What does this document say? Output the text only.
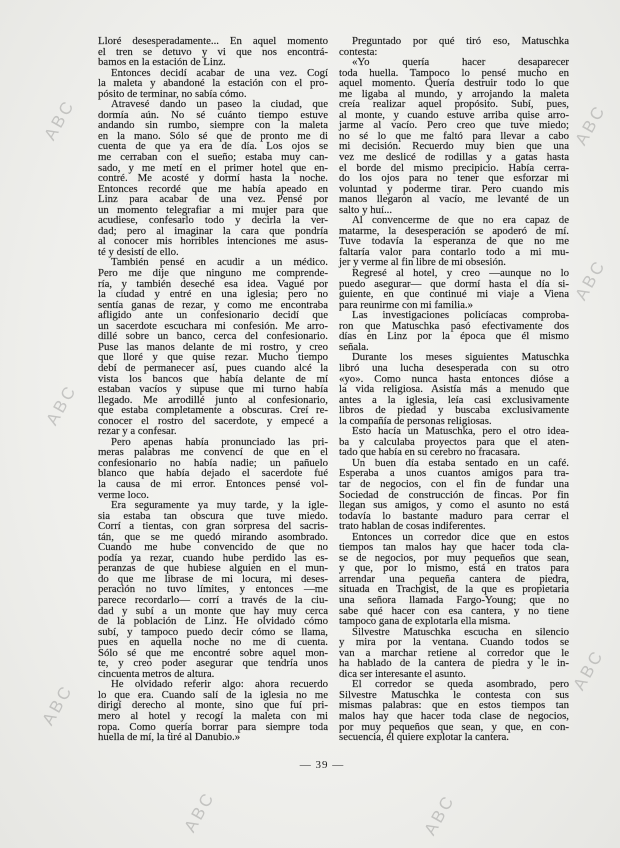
ABC
ABC
ABC
ABC
ABC
ABC
ABC	ABC
Lloré desesperadamente... En aquel momento
el tren se detuvo y vi que nos encontrá-
bamos en la estación de Linz.
Entonces decidí acabar de una vez. Cogí
la maleta y abandoné la estación con el pro-
pósito de terminar, no sabía cómo.
Atravesé dando un paseo la ciudad, que
dormía aún. No sé cuánto tiempo estuve
andando sin rumbo, siempre con la maleta
en la mano. Sólo sé que de pronto me di
cuenta de que ya era de día. Los ojos se
me cerraban con el sueño; estaba muy can-
sado, y me metí en el primer hotel que en-
contré. Me acosté y dormí hasta la noche.
Entonces recordé que me había apeado en
Linz para acabar de una vez. Pensé por
un momento telegrafiar a mi mujer para que
acudiese, confesarlo todo y decirla la ver-
dad; pero al imaginar la cara que pondría
al conocer mis horribles intenciones me asus-
té y desistí de ello.
También pensé en acudir a un médico.
Pero me dije que ninguno me comprende-
ría, y también deseché esa idea. Vagué por
la ciudad y entré en una iglesia; pero no
sentía ganas de rezar, y como me encontraba
afligido ante un confesionario decidí que
un sacerdote escuchara mi confesión. Me arro-
dillé sobre un banco, cerca del confesionario.
Puse las manos delante de mi rostro, y creo
que lloré y que quise rezar. Mucho tiempo
debí de permanecer así, pues cuando alcé la
vista los bancos que había delante de mí
estaban vacíos y supuse que mi turno había
llegado. Me arrodillé junto al confesionario,
que estaba completamente a obscuras. Creí re-
conocer el rostro del sacerdote, y empecé a
rezar y a confesar.
Pero apenas había pronunciado las pri-
meras palabras me convencí de que en el
confesionario no había nadie; un pañuelo
blanco que había dejado el sacerdote fué
la causa de mi error. Entonces pensé vol-
verme loco.
Era seguramente ya muy tarde, y la igle-
sia estaba tan obscura que tuve miedo.
Corrí a tientas, con gran sorpresa del sacris-
tán, que se me quedó mirando asombrado.
Cuando me hube convencido de que no
podía ya rezar, cuando hube perdido las es-
peranzas de que hubiese alguien en el mun-
do que me librase de mi locura, mi deses-
peración no tuvo límites, y entonces —me
parece recordarlo— corrí a través de la ciu-
dad y subí a un monte que hay muy cerca
de la población de Linz. He olvidado cómo
subí, y tampoco puedo decir cómo se llama,
pues en aquella noche no me di cuenta.
Sólo sé que me encontré sobre aquel mon-
te, y creo poder asegurar que tendría unos
cincuenta metros de altura.
He olvidado referir algo: ahora recuerdo
lo que era. Cuando salí de la iglesia no me
dirigí derecho al monte, sino que fuí pri-
mero al hotel y recogí la maleta con mi
ropa. Como quería borrar para siempre toda
huella de mí, la tiré al Danubio.»
Preguntado por qué tiró eso, Matuschka
contesta:
«Yo quería hacer desaparecer
toda huella. Tampoco lo pensé mucho en
aquel momento. Quería destruir todo lo que
me ligaba al mundo, y arrojando la maleta
creía realizar aquel propósito. Subí, pues,
al monte, y cuando estuve arriba quise arro-
jarme al vacío. Pero creo que tuve miedo;
no sé lo que me faltó para llevar a cabo
mi decisión. Recuerdo muy bien que una
vez me deslicé de rodillas y a gatas hasta
el borde del mismo precipicio. Había cerra-
do los ojos para no tener que esforzar mi
voluntad y poderme tirar. Pero cuando mis
manos llegaron al vacío, me levanté de un
salto y huí...
Al convencerme de que no era capaz de
matarme, la desesperación se apoderó de mí.
Tuve todavía la esperanza de que no me
faltaría valor para contarlo todo a mi mu-
jer y verme al fin libre de mi obsesión.
Regresé al hotel, y creo —aunque no lo
puedo asegurar— que dormí hasta el día si-
guiente, en que continué mi viaje a Viena
para reunirme con mi familia.»
Las investigaciones policíacas comproba-
ron que Matuschka pasó efectivamente dos
días en Linz por la época que él mismo
señala.
Durante los meses siguientes Matuschka
libró una lucha desesperada con su otro
«yo». Como nunca hasta entonces dióse a
la vida religiosa. Asistía más a menudo que
antes a la iglesia, leía casi exclusivamente
libros de piedad y buscaba exclusivamente
la compañía de personas religiosas.
Esto hacía un Matuschka, pero el otro idea-
ba y calculaba proyectos para que el aten-
tado que había en su cerebro no fracasara.
Un buen día estaba sentado en un café.
Esperaba a unos cuantos amigos para tra-
tar de negocios, con el fin de fundar una
Sociedad de construcción de fincas. Por fin
llegan sus amigos, y como el asunto no está
todavía lo bastante maduro para cerrar el
trato hablan de cosas indiferentes.
Entonces un corredor dice que en estos
tiempos tan malos hay que hacer toda cla-
se de negocios, por muy pequeños que sean,
y que, por lo mismo, está en tratos para
arrendar una pequeña cantera de piedra,
situada en Trachgist, de la que es propietaria
una señora llamada Fargo-Young; que no
sabe qué hacer con esa cantera, y no tiene
tampoco gana de explotarla ella misma.
Silvestre Matuschka escucha en silencio
y mira por la ventana. Cuando todos se
van a marchar retiene al corredor que le
ha hablado de la cantera de piedra y le in-
dica ser interesante el asunto.
El corredor se queda asombrado, pero
Silvestre Matuschka le contesta con sus
mismas palabras: que en estos tiempos tan
malos hay que hacer toda clase de negocios,
por muy pequeños que sean, y que, en con-
secuencia, él quiere explotar la cantera.
— 39 —
